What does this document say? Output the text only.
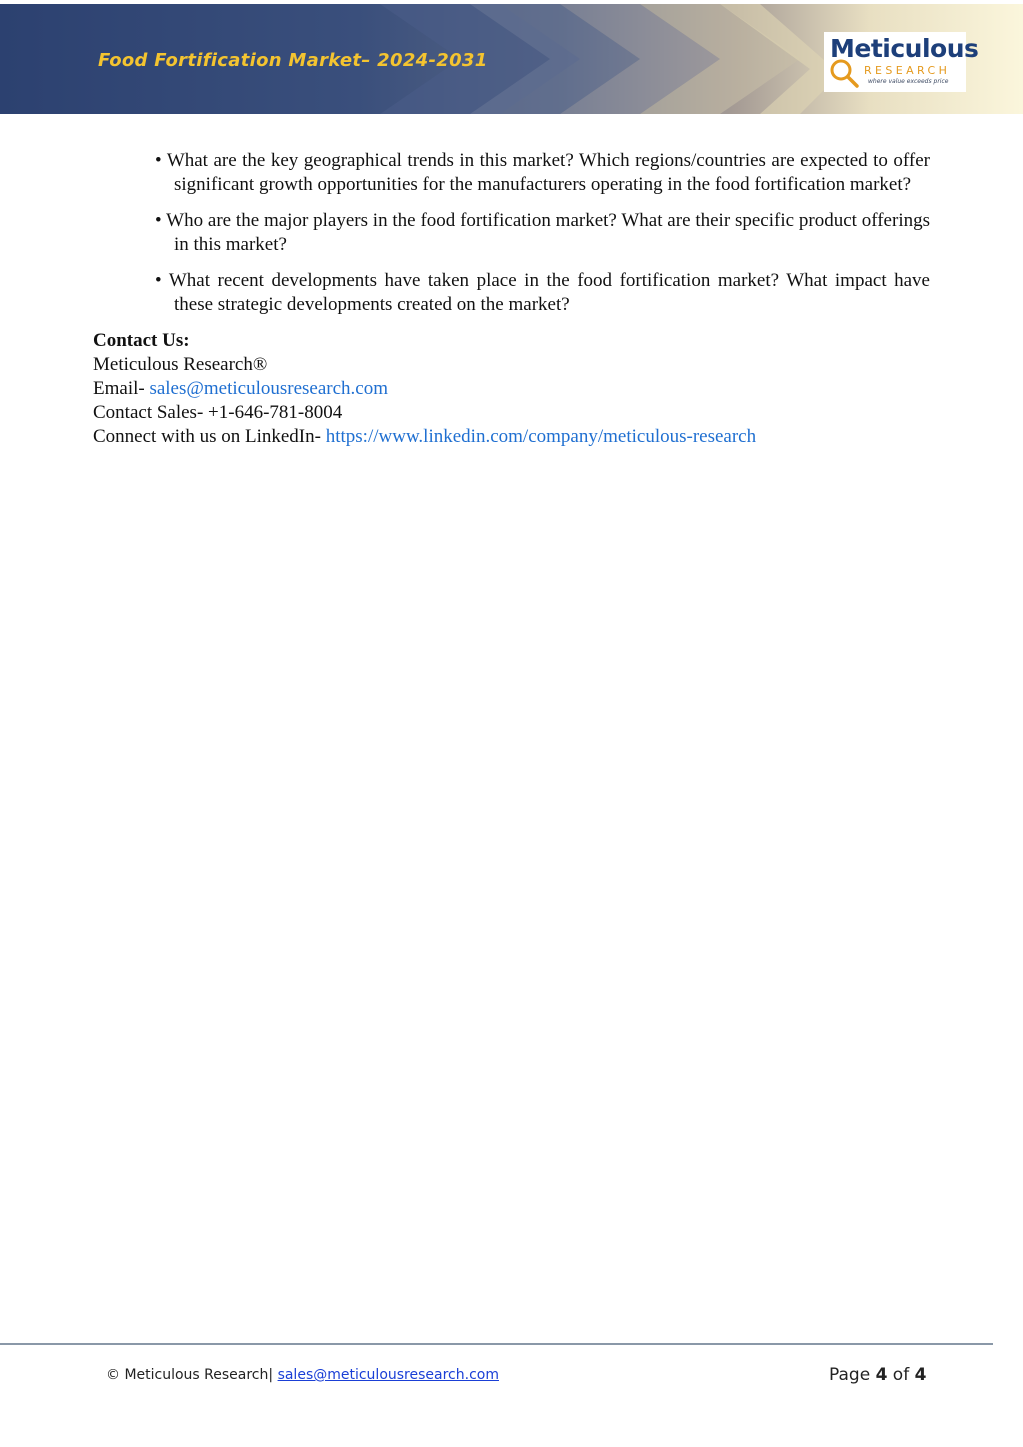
Food Fortification Market– 2024-2031	Meticulous
RESEARCH
where value exceeds price
• What are the key geographical trends in this market? Which regions/countries are expected to offer significant growth opportunities for the manufacturers operating in the food fortification market?
• Who are the major players in the food fortification market? What are their specific product offerings in this market?
• What recent developments have taken place in the food fortification market? What impact have these strategic developments created on the market?
Contact Us:
Meticulous Research®
Email- sales@meticulousresearch.com
Contact Sales- +1-646-781-8004
Connect with us on LinkedIn- https://www.linkedin.com/company/meticulous-research
© Meticulous Research| sales@meticulousresearch.com	Page 4 of 4
